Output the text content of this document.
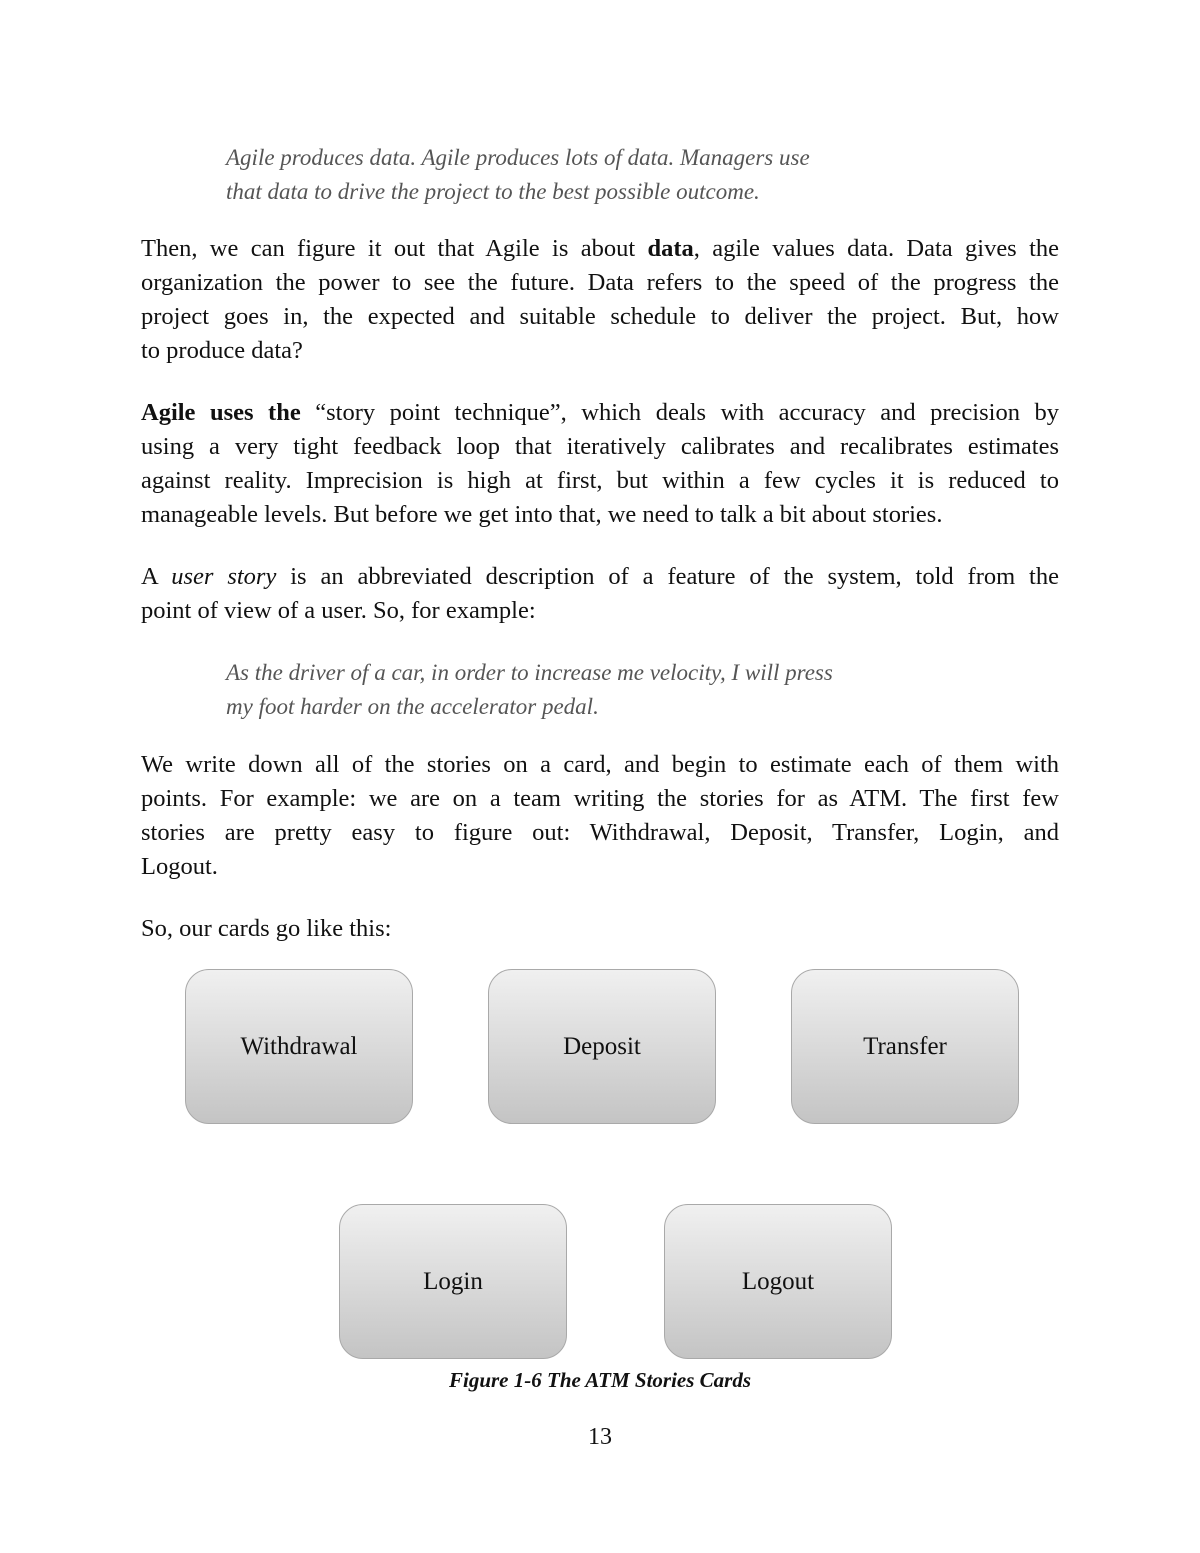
Agile produces data. Agile produces lots of data. Managers use
that data to drive the project to the best possible outcome.
Then, we can figure it out that Agile is about data, agile values data. Data gives the
organization the power to see the future. Data refers to the speed of the progress the
project goes in, the expected and suitable schedule to deliver the project. But, how
to produce data?
Agile uses the “story point technique”, which deals with accuracy and precision by
using a very tight feedback loop that iteratively calibrates and recalibrates estimates
against reality. Imprecision is high at first, but within a few cycles it is reduced to
manageable levels. But before we get into that, we need to talk a bit about stories.
A user story is an abbreviated description of a feature of the system, told from the
point of view of a user. So, for example:
As the driver of a car, in order to increase me velocity, I will press
my foot harder on the accelerator pedal.
We write down all of the stories on a card, and begin to estimate each of them with
points. For example: we are on a team writing the stories for as ATM. The first few
stories are pretty easy to figure out: Withdrawal, Deposit, Transfer, Login, and
Logout.
So, our cards go like this:
Withdrawal	Deposit	Transfer
Login	Logout
Figure 1-6 The ATM Stories Cards
13
